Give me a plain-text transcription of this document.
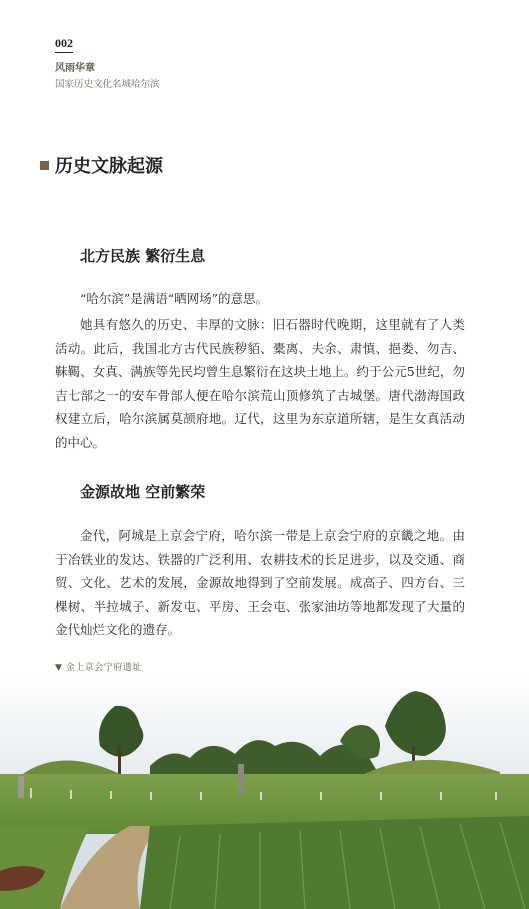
002
风雨华章
国家历史文化名城哈尔滨
历史文脉起源
北方民族 繁衍生息
“哈尔滨”是满语“晒网场”的意思。
她具有悠久的历史、丰厚的文脉：旧石器时代晚期，这里就有了人类活动。此后，我国北方古代民族秽貊、橐离、夫余、肃慎、挹娄、勿吉、靺鞨、女真、满族等先民均曾生息繁衍在这块土地上。约于公元5世纪，勿吉七部之一的安车骨部人便在哈尔滨荒山顶修筑了古城堡。唐代渤海国政权建立后，哈尔滨属莫颉府地。辽代，这里为东京道所辖，是生女真活动的中心。
金源故地 空前繁荣
金代，阿城是上京会宁府，哈尔滨一带是上京会宁府的京畿之地。由于冶铁业的发达、铁器的广泛利用、农耕技术的长足进步，以及交通、商贸、文化、艺术的发展，金源故地得到了空前发展。成高子、四方台、三棵树、半拉城子、新发屯、平房、王会屯、张家油坊等地都发现了大量的金代灿烂文化的遗存。
▼ 金上京会宁府遗址
